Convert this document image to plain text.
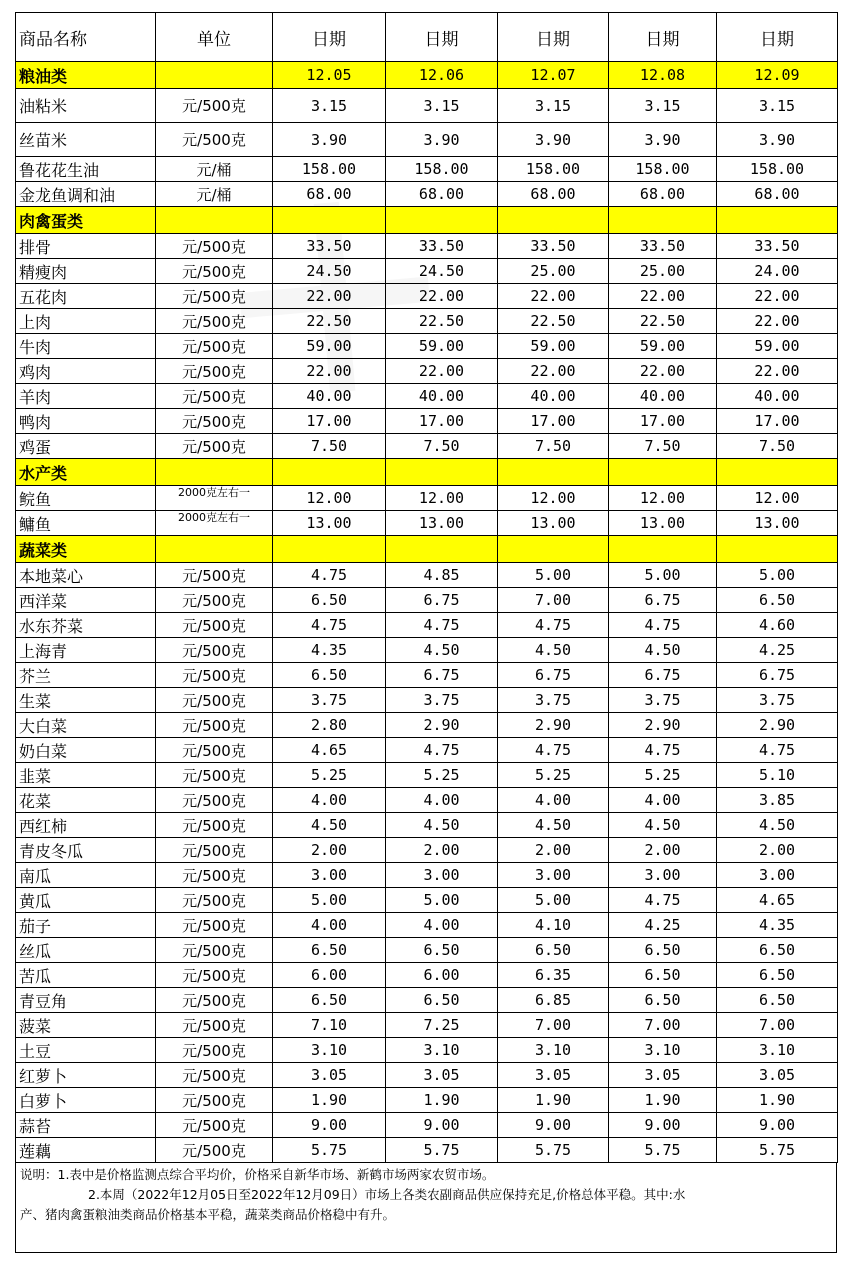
商品名称	单位	日期	日期	日期	日期	日期
粮油类		12.05	12.06	12.07	12.08	12.09
油粘米	元/500克	3.15	3.15	3.15	3.15	3.15
丝苗米	元/500克	3.90	3.90	3.90	3.90	3.90
鲁花花生油	元/桶	158.00	158.00	158.00	158.00	158.00
金龙鱼调和油	元/桶	68.00	68.00	68.00	68.00	68.00
肉禽蛋类						
排骨	元/500克	33.50	33.50	33.50	33.50	33.50
精瘦肉	元/500克	24.50	24.50	25.00	25.00	24.00
五花肉	元/500克	22.00	22.00	22.00	22.00	22.00
上肉	元/500克	22.50	22.50	22.50	22.50	22.00
牛肉	元/500克	59.00	59.00	59.00	59.00	59.00
鸡肉	元/500克	22.00	22.00	22.00	22.00	22.00
羊肉	元/500克	40.00	40.00	40.00	40.00	40.00
鸭肉	元/500克	17.00	17.00	17.00	17.00	17.00
鸡蛋	元/500克	7.50	7.50	7.50	7.50	7.50
水产类						
鲩鱼	2000克左右一	12.00	12.00	12.00	12.00	12.00
鳙鱼	2000克左右一	13.00	13.00	13.00	13.00	13.00
蔬菜类						
本地菜心	元/500克	4.75	4.85	5.00	5.00	5.00
西洋菜	元/500克	6.50	6.75	7.00	6.75	6.50
水东芥菜	元/500克	4.75	4.75	4.75	4.75	4.60
上海青	元/500克	4.35	4.50	4.50	4.50	4.25
芥兰	元/500克	6.50	6.75	6.75	6.75	6.75
生菜	元/500克	3.75	3.75	3.75	3.75	3.75
大白菜	元/500克	2.80	2.90	2.90	2.90	2.90
奶白菜	元/500克	4.65	4.75	4.75	4.75	4.75
韭菜	元/500克	5.25	5.25	5.25	5.25	5.10
花菜	元/500克	4.00	4.00	4.00	4.00	3.85
西红柿	元/500克	4.50	4.50	4.50	4.50	4.50
青皮冬瓜	元/500克	2.00	2.00	2.00	2.00	2.00
南瓜	元/500克	3.00	3.00	3.00	3.00	3.00
黄瓜	元/500克	5.00	5.00	5.00	4.75	4.65
茄子	元/500克	4.00	4.00	4.10	4.25	4.35
丝瓜	元/500克	6.50	6.50	6.50	6.50	6.50
苦瓜	元/500克	6.00	6.00	6.35	6.50	6.50
青豆角	元/500克	6.50	6.50	6.85	6.50	6.50
菠菜	元/500克	7.10	7.25	7.00	7.00	7.00
土豆	元/500克	3.10	3.10	3.10	3.10	3.10
红萝卜	元/500克	3.05	3.05	3.05	3.05	3.05
白萝卜	元/500克	1.90	1.90	1.90	1.90	1.90
蒜苔	元/500克	9.00	9.00	9.00	9.00	9.00
莲藕	元/500克	5.75	5.75	5.75	5.75	5.75
说明：1.表中是价格监测点综合平均价，价格采自新华市场、新鹤市场两家农贸市场。
2.本周（2022年12月05日至2022年12月09日）市场上各类农副商品供应保持充足,价格总体平稳。其中:水
产、猪肉禽蛋粮油类商品价格基本平稳，蔬菜类商品价格稳中有升。
